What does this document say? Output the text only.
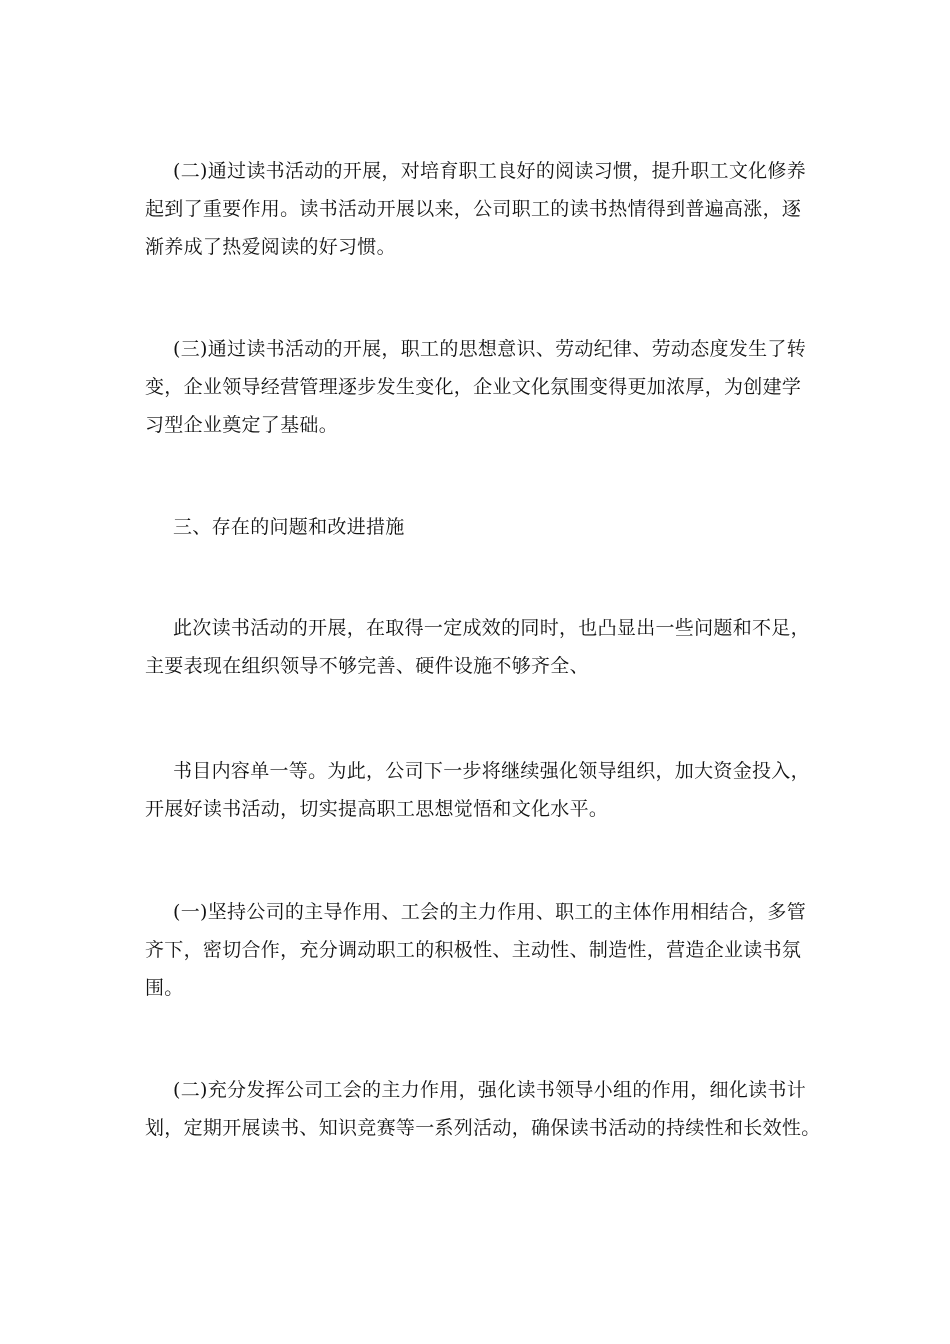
(二)通过读书活动的开展，对培育职工良好的阅读习惯，提升职工文化修养
起到了重要作用。读书活动开展以来，公司职工的读书热情得到普遍高涨，逐
渐养成了热爱阅读的好习惯。

(三)通过读书活动的开展，职工的思想意识、劳动纪律、劳动态度发生了转
变，企业领导经营管理逐步发生变化，企业文化氛围变得更加浓厚，为创建学
习型企业奠定了基础。

三、存在的问题和改进措施

此次读书活动的开展，在取得一定成效的同时，也凸显出一些问题和不足，
主要表现在组织领导不够完善、硬件设施不够齐全、

书目内容单一等。为此，公司下一步将继续强化领导组织，加大资金投入，
开展好读书活动，切实提高职工思想觉悟和文化水平。

(一)坚持公司的主导作用、工会的主力作用、职工的主体作用相结合，多管
齐下，密切合作，充分调动职工的积极性、主动性、制造性，营造企业读书氛
围。

(二)充分发挥公司工会的主力作用，强化读书领导小组的作用，细化读书计
划，定期开展读书、知识竞赛等一系列活动，确保读书活动的持续性和长效性。
